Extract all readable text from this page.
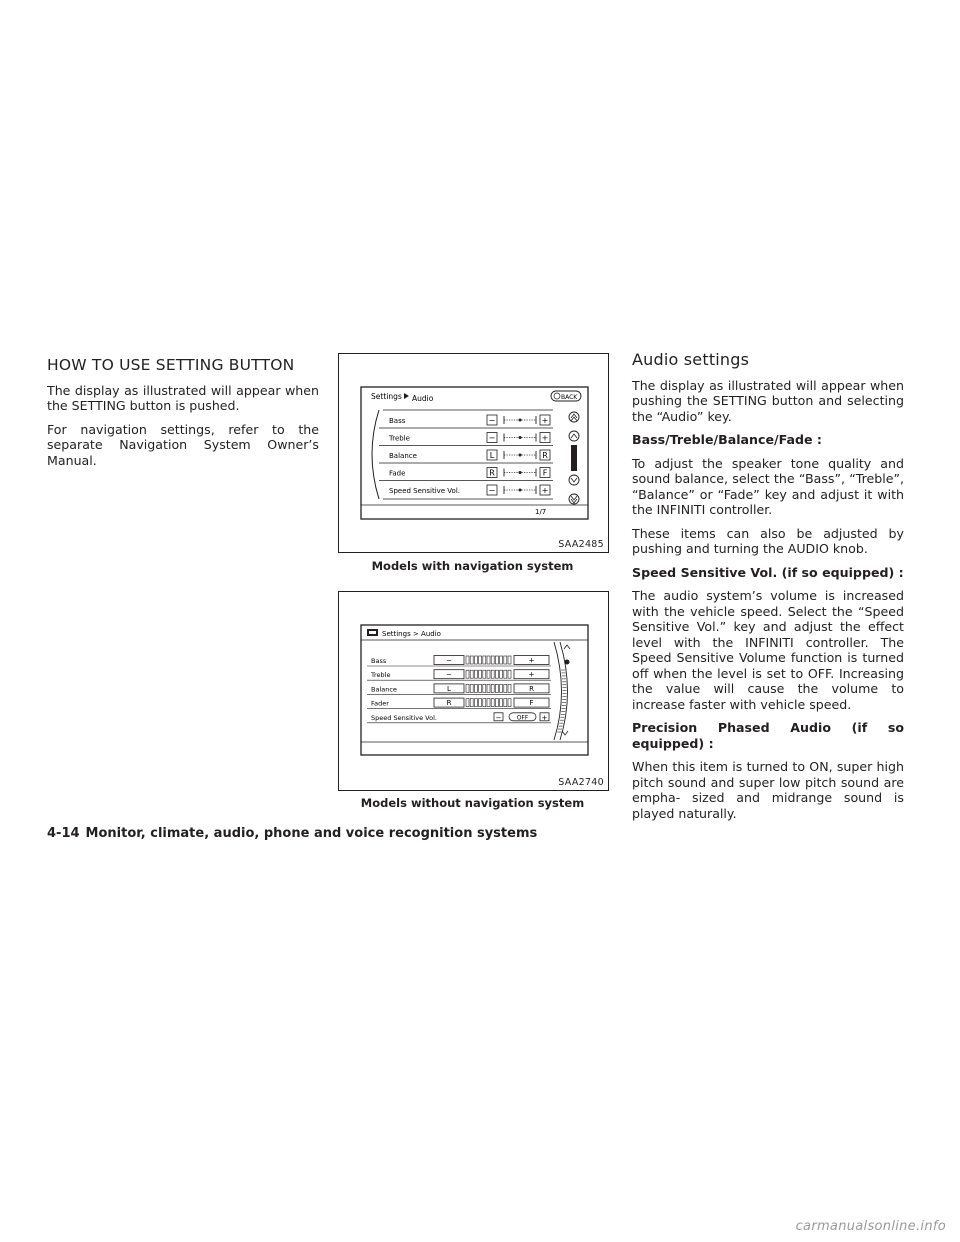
HOW TO USE SETTING BUTTON

The display as illustrated will appear when the SETTING button is pushed.

For navigation settings, refer to the separate Navigation System Owner’s Manual.

Settings Audio	BACK
Bass	−	+
Treble	−	+
Balance	L	R
Fade	R	F
Speed Sensitive Vol.	−	+
1/7
SAA2485
Models with navigation system
Settings > Audio
Bass	−	+
Treble	−	+
Balance	L	R
Fader	R	F
Speed Sensitive Vol.	−	OFF +
SAA2740
Models without navigation system
Audio settings

The display as illustrated will appear when pushing the SETTING button and selecting the “Audio” key.

Bass/Treble/Balance/Fade :

To adjust the speaker tone quality and sound balance, select the “Bass”, “Treble”, “Balance” or “Fade” key and adjust it with the INFINITI controller.

These items can also be adjusted by pushing and turning the AUDIO knob.

Speed Sensitive Vol. (if so equipped) :

The audio system’s volume is increased with the vehicle speed. Select the “Speed Sensitive Vol.” key and adjust the effect level with the INFINITI controller. The Speed Sensitive Volume function is turned off when the level is set to OFF. Increasing the value will cause the volume to increase faster with vehicle speed.

Precision Phased Audio (if so equipped) :

When this item is turned to ON, super high pitch sound and super low pitch sound are empha- sized and midrange sound is played naturally.

4-14 Monitor, climate, audio, phone and voice recognition systems
carmanualsonline.info
